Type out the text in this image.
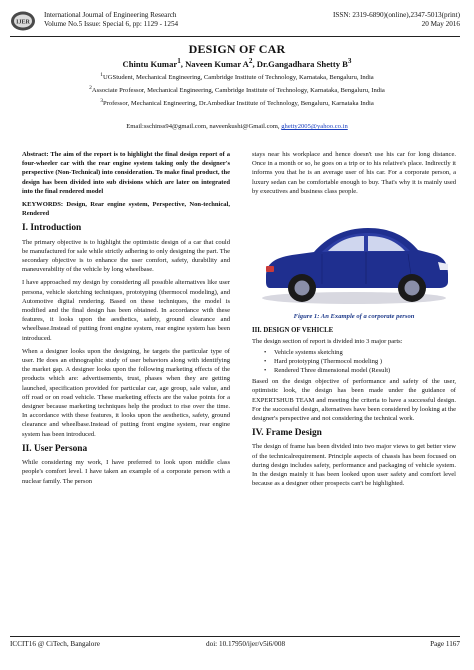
IJER
International Journal of Engineering Research
Volume No.5 Issue: Special 6, pp: 1129 - 1254
ISSN: 2319-6890)(online),2347-5013(print)
20 May 2016
DESIGN OF CAR
Chintu Kumar$^1$, Naveen Kumar $A^2$, Dr.Gangadhara Shetty $B^3$
$^1$UGStudent, Mechanical Engineering, Cambridge Institute of Technology, Karnataka, Bengaluru, India
$^2$Associate Professor, Mechanical Engineering, Cambridge Institute of Technology, Karnataka, Bengaluru, India
$^3$Professor, Mechanical Engineering, Dr.Ambedkar Institute of Technology, Bengaluru, Karnataka India
Email:sschinss94@gmail.com, naveenkushi@Gmail.com, ghetty2005@yahoo.co.in

Abstract: The aim of the report is to highlight the final design report of a four-wheeler car with the rear engine system taking only the designer's perspective (Non-Technical) into consideration. To make final product, the design has been divided into sub divisions which are later on integrated into the final rendered model

KEYWORDS: Design, Rear engine system, Perspective, Non-technical, Rendered

I. Introduction

The primary objective is to highlight the optimistic design of a car that could be manufactured for sale while strictly adhering to only designing the part. The secondary objective is to enhance the user comfort, safety, durability and maneuverability of the vehicle by long wheelbase.

I have approached my design by considering all possible alternatives like user persona, vehicle sketching techniques, prototyping (thermocol modeling), and Automotive digital rendering. Based on these techniques, the model is modified and the final design has been obtained. In accordance with these features, it looks upon the aesthetics, safety, ground clearance and wheelbase.Instead of putting front engine system, rear engine system has been introduced.

When a designer looks upon the designing, he targets the particular type of user. He does an ethnographic study of user behaviors along with identifying the market gap. A designer looks upon the following marketing effects of the products which are: advertisements, trust, phases when they are getting launched, specification provided for particular car, age group, sale value, and off road or on road vehicle. These marketing effects are the value points for a designer because marketing techniques help the product to rise over the time. In accordance with these features, it looks upon the aesthetics, safety, ground clearance and wheelbase.Instead of putting front engine system, rear engine system has been introduced.

II. User Persona

While considering my work, I have preferred to look upon middle class people's comfort level. I have taken an example of a corporate person with a nuclear family. The person

stays near his workplace and hence doesn't use his car for long distance. Once in a month or so, he goes on a trip or to his relative's place. Indirectly it informs you that he is an average user of his car. For a corporate person, a luxury sedan can be comfortable enough to buy. That's why it is mainly used by executives and business class people.

Figure 1: An Example of a corporate person
III. DESIGN OF VEHICLE

The design section of report is divided into 3 major parts:

• Vehicle systems sketching
• Hard prototyping (Thermocol modeling )
• Rendered Three dimensional model (Result)

Based on the design objective of performance and safety of the user, optimistic look, the design has been made under the guidance of EXPERTSHUB TEAM and meeting the criteria to have a successful design. For the successful design, alternatives have been considered by looking at the designer's perspective and not considering the technical work.

IV. Frame Design

The design of frame has been divided into two major views to get better view of the technicalrequirement. Principle aspects of chassis has been focused on during design includes safety, performance and packaging of vehicle system. In the design mainly it has been looked upon user safety and comfort level because as a designer other prospects can't be highlighted.

ICCIT16 @ CiTech, Bangalore	doi: 10.17950/ijer/v5i6/008	Page 1167
